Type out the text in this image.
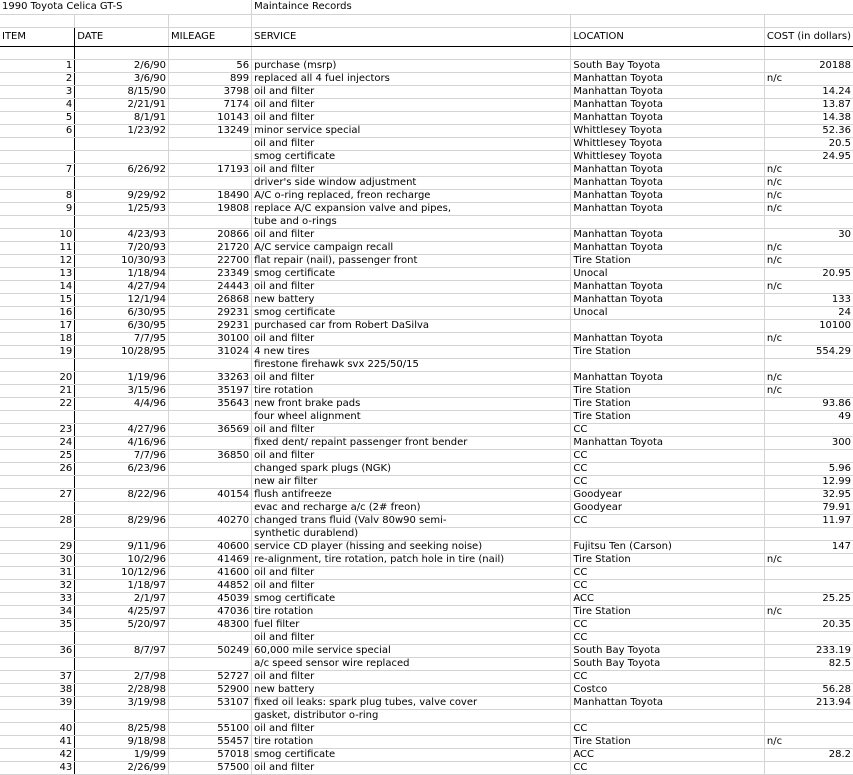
1990 Toyota Celica GT-S			Maintaince Records		

ITEM	DATE	MILEAGE	SERVICE	LOCATION	COST (in dollars)

1	2/6/90	56	purchase (msrp)	South Bay Toyota	20188
2	3/6/90	899	replaced all 4 fuel injectors	Manhattan Toyota	n/c
3	8/15/90	3798	oil and filter	Manhattan Toyota	14.24
4	2/21/91	7174	oil and filter	Manhattan Toyota	13.87
5	8/1/91	10143	oil and filter	Manhattan Toyota	14.38
6	1/23/92	13249	minor service special	Whittlesey Toyota	52.36
			oil and filter	Whittlesey Toyota	20.5
			smog certificate	Whittlesey Toyota	24.95
7	6/26/92	17193	oil and filter	Manhattan Toyota	n/c
			driver's side window adjustment	Manhattan Toyota	n/c
8	9/29/92	18490	A/C o-ring replaced, freon recharge	Manhattan Toyota	n/c
9	1/25/93	19808	replace A/C expansion valve and pipes,	Manhattan Toyota	n/c
			tube and o-rings		
10	4/23/93	20866	oil and filter	Manhattan Toyota	30
11	7/20/93	21720	A/C service campaign recall	Manhattan Toyota	n/c
12	10/30/93	22700	flat repair (nail), passenger front	Tire Station	n/c
13	1/18/94	23349	smog certificate	Unocal	20.95
14	4/27/94	24443	oil and filter	Manhattan Toyota	n/c
15	12/1/94	26868	new battery	Manhattan Toyota	133
16	6/30/95	29231	smog certificate	Unocal	24
17	6/30/95	29231	purchased car from Robert DaSilva		10100
18	7/7/95	30100	oil and filter	Manhattan Toyota	n/c
19	10/28/95	31024	4 new tires	Tire Station	554.29
			firestone firehawk svx 225/50/15		
20	1/19/96	33263	oil and filter	Manhattan Toyota	n/c
21	3/15/96	35197	tire rotation	Tire Station	n/c
22	4/4/96	35643	new front brake pads	Tire Station	93.86
			four wheel alignment	Tire Station	49
23	4/27/96	36569	oil and filter	CC	
24	4/16/96		fixed dent/ repaint passenger front bender	Manhattan Toyota	300
25	7/7/96	36850	oil and filter	CC	
26	6/23/96		changed spark plugs (NGK)	CC	5.96
			new air filter	CC	12.99
27	8/22/96	40154	flush antifreeze	Goodyear	32.95
			evac and recharge a/c (2# freon)	Goodyear	79.91
28	8/29/96	40270	changed trans fluid (Valv 80w90 semi-	CC	11.97
			synthetic durablend)		
29	9/11/96	40600	service CD player (hissing and seeking noise)	Fujitsu Ten (Carson)	147
30	10/2/96	41469	re-alignment, tire rotation, patch hole in tire (nail)	Tire Station	n/c
31	10/12/96	41600	oil and filter	CC	
32	1/18/97	44852	oil and filter	CC	
33	2/1/97	45039	smog certificate	ACC	25.25
34	4/25/97	47036	tire rotation	Tire Station	n/c
35	5/20/97	48300	fuel filter	CC	20.35
			oil and filter	CC	
36	8/7/97	50249	60,000 mile service special	South Bay Toyota	233.19
			a/c speed sensor wire replaced	South Bay Toyota	82.5
37	2/7/98	52727	oil and filter	CC	
38	2/28/98	52900	new battery	Costco	56.28
39	3/19/98	53107	fixed oil leaks: spark plug tubes, valve cover	Manhattan Toyota	213.94
			gasket, distributor o-ring		
40	8/25/98	55100	oil and filter	CC	
41	9/18/98	55457	tire rotation	Tire Station	n/c
42	1/9/99	57018	smog certificate	ACC	28.2
43	2/26/99	57500	oil and filter	CC	
